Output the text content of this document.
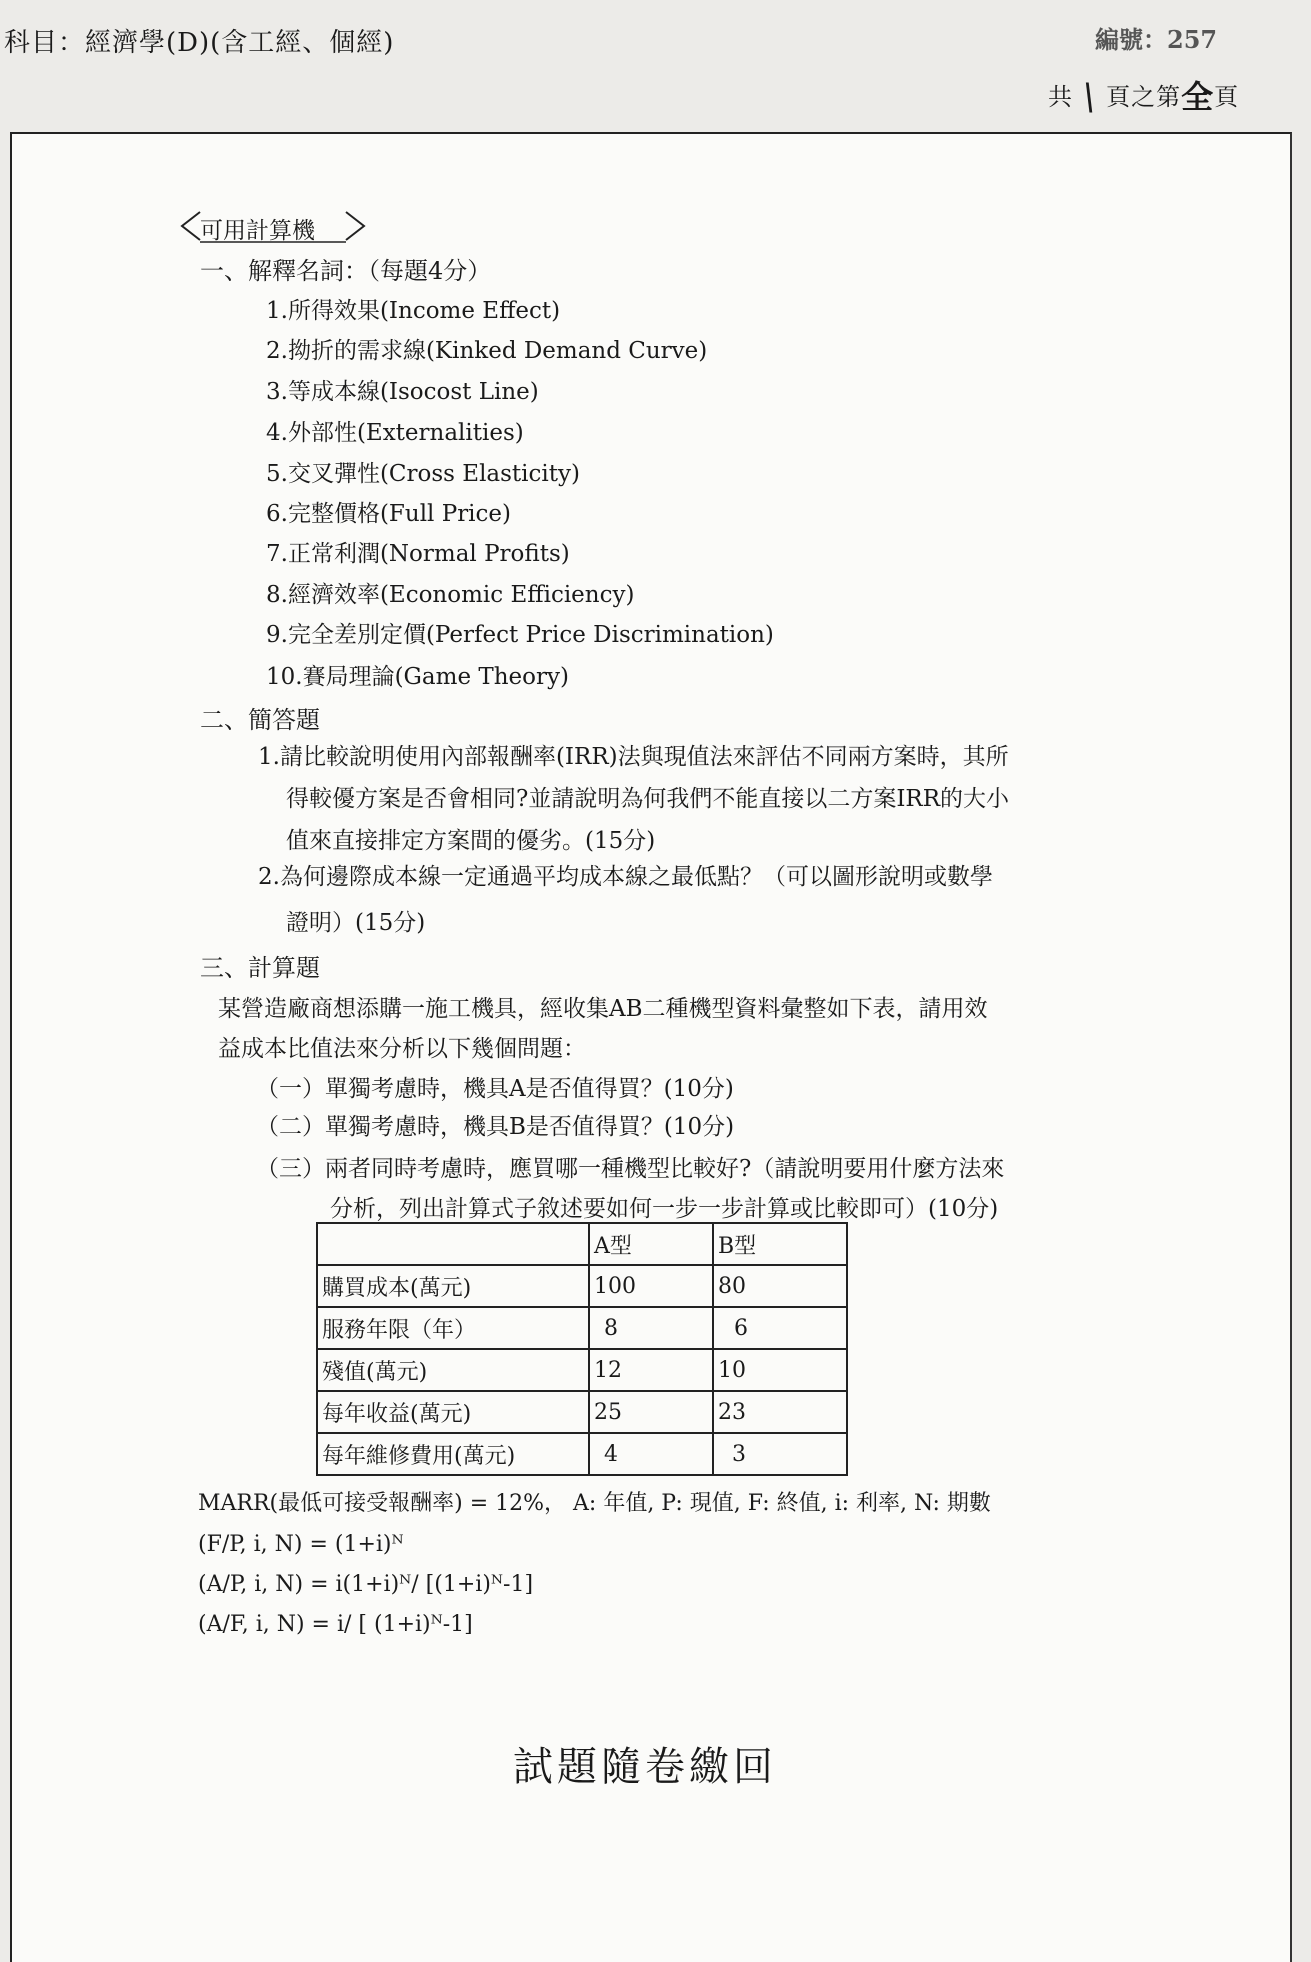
科目：經濟學(D)(含工經、個經)	編號：257
共 \ 頁之第全頁
可用計算機
一、解釋名詞：（每題4分）
1.所得效果(Income Effect)
2.拗折的需求線(Kinked Demand Curve)
3.等成本線(Isocost Line)
4.外部性(Externalities)
5.交叉彈性(Cross Elasticity)
6.完整價格(Full Price)
7.正常利潤(Normal Profits)
8.經濟效率(Economic Efficiency)
9.完全差別定價(Perfect Price Discrimination)
10.賽局理論(Game Theory)
二、簡答題
1.請比較說明使用內部報酬率(IRR)法與現值法來評估不同兩方案時，其所
得較優方案是否會相同?並請說明為何我們不能直接以二方案IRR的大小
值來直接排定方案間的優劣。(15分)
2.為何邊際成本線一定通過平均成本線之最低點？（可以圖形說明或數學
證明）(15分)
三、計算題
某營造廠商想添購一施工機具，經收集AB二種機型資料彙整如下表，請用效
益成本比值法來分析以下幾個問題：
（一）單獨考慮時，機具A是否值得買？(10分)
（二）單獨考慮時，機具B是否值得買？(10分)
（三）兩者同時考慮時，應買哪一種機型比較好?（請說明要用什麼方法來
分析，列出計算式子敘述要如何一步一步計算或比較即可）(10分)
	A型	B型
購買成本(萬元)	100	80
服務年限（年）	8	6
殘值(萬元)	12	10
每年收益(萬元)	25	23
每年維修費用(萬元)	4	3
MARR(最低可接受報酬率) = 12%， A: 年值, P: 現值, F: 終值, i: 利率, N: 期數
(F/P, i, N) = (1+i)ᴺ
(A/P, i, N) = i(1+i)ᴺ/ [(1+i)ᴺ-1]
(A/F, i, N) = i/ [ (1+i)ᴺ-1]
試題隨卷繳回
